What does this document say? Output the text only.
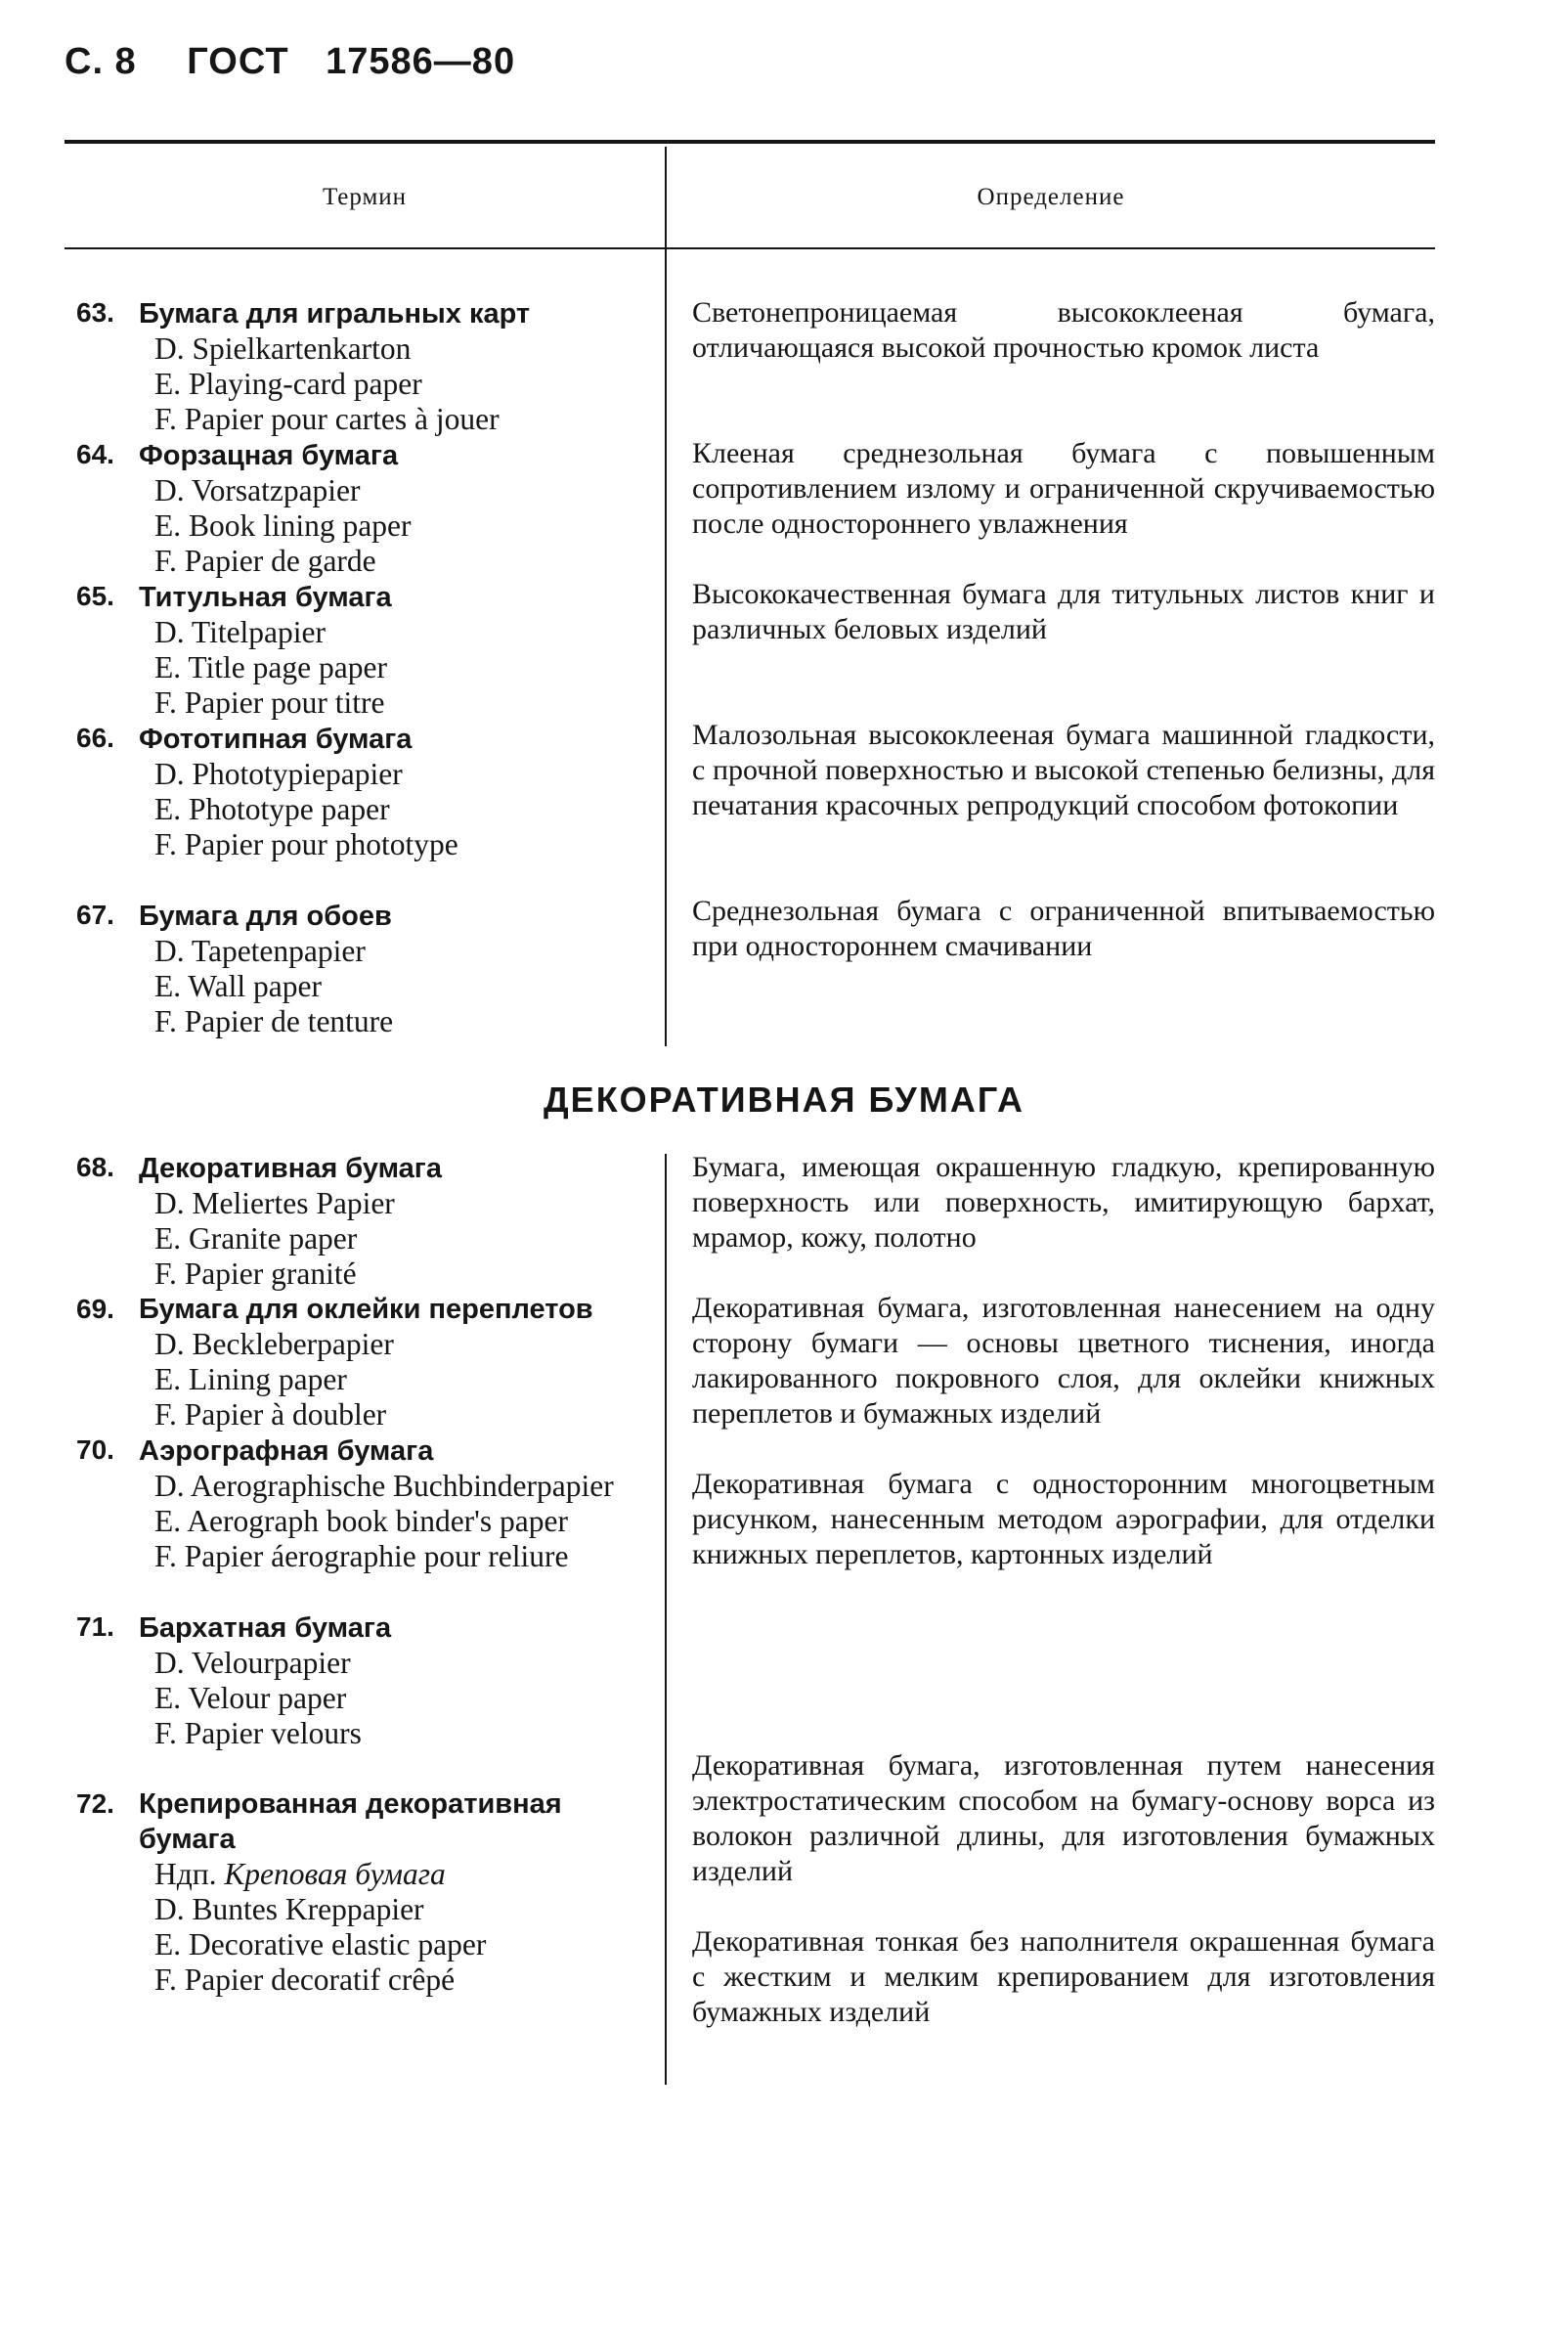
С. 8 ГОСТ 17586—80
Термин	Определение
63. Бумага для игральных карт
D. Spielkartenkarton
E. Playing-card paper
F. Papier pour cartes à jouer
64. Форзацная бумага
D. Vorsatzpapier
E. Book lining paper
F. Papier de garde
65. Титульная бумага
D. Titelpapier
E. Title page paper
F. Papier pour titre
66. Фототипная бумага
D. Phototypiepapier
E. Phototype paper
F. Papier pour phototype
67. Бумага для обоев
D. Tapetenpapier
E. Wall paper
F. Papier de tenture
Светонепроницаемая высококлееная бумага, отличающаяся высокой прочностью кромок листа
Клееная среднезольная бумага с повышенным сопротивлением излому и ограниченной скручиваемостью после одностороннего увлажнения
Высококачественная бумага для титульных листов книг и различных беловых изделий
Малозольная высококлееная бумага машинной гладкости, с прочной поверхностью и высокой степенью белизны, для печатания красочных репродукций способом фотокопии
Среднезольная бумага с ограниченной впитываемостью при одностороннем смачивании
ДЕКОРАТИВНАЯ БУМАГА
68. Декоративная бумага
D. Meliertes Papier
E. Granite paper
F. Papier granité
69. Бумага для оклейки переплетов
D. Beckleberpapier
E. Lining paper
F. Papier à doubler
70. Аэрографная бумага
D. Aerographische Buchbinderpapier
E. Aerograph book binder's paper
F. Papier áerographie pour reliure
71. Бархатная бумага
D. Velourpapier
E. Velour paper
F. Papier velours
72. Крепированная декоративная бумага
Ндп. Креповая бумага
D. Buntes Kreppapier
E. Decorative elastic paper
F. Papier decoratif crêpé
Бумага, имеющая окрашенную гладкую, крепированную поверхность или поверхность, имитирующую бархат, мрамор, кожу, полотно
Декоративная бумага, изготовленная нанесением на одну сторону бумаги — основы цветного тиснения, иногда лакированного покровного слоя, для оклейки книжных переплетов и бумажных изделий
Декоративная бумага с односторонним многоцветным рисунком, нанесенным методом аэрографии, для отделки книжных переплетов, картонных изделий
Декоративная бумага, изготовленная путем нанесения электростатическим способом на бумагу-основу ворса из волокон различной длины, для изготовления бумажных изделий
Декоративная тонкая без наполнителя окрашенная бумага с жестким и мелким крепированием для изготовления бумажных изделий
